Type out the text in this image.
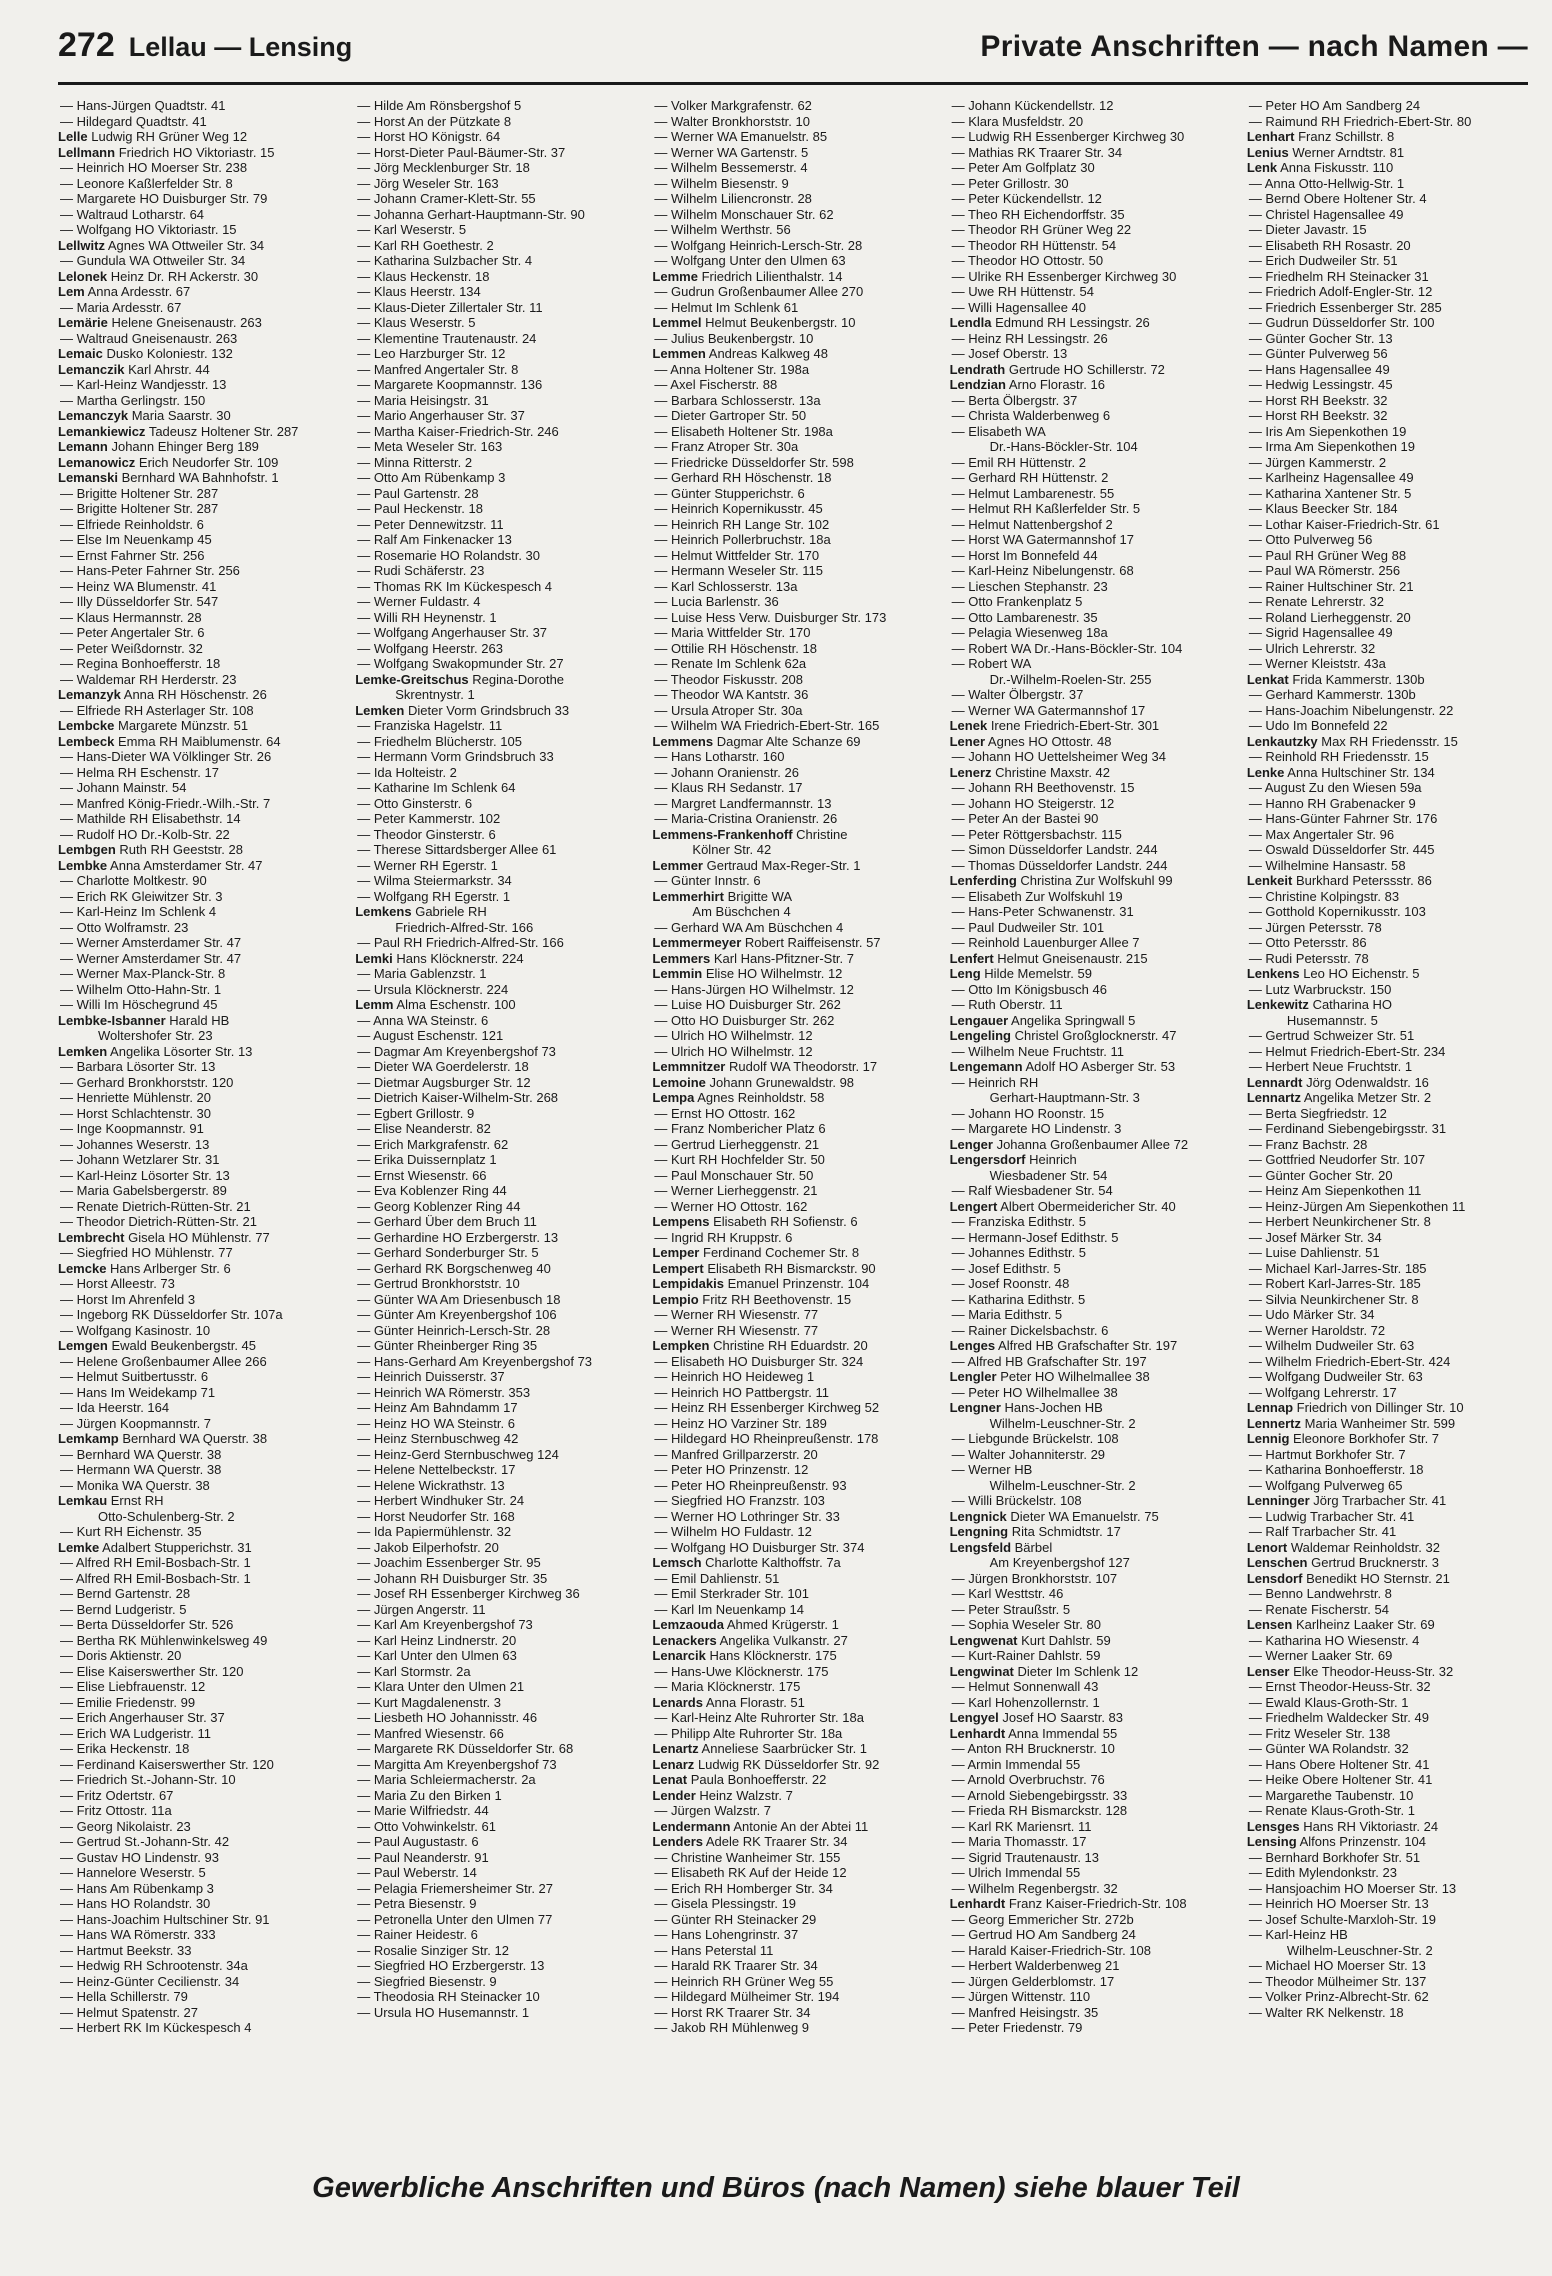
272 Lellau — Lensing	Private Anschriften — nach Namen —
— Hans-Jürgen Quadtstr. 41
— Hildegard Quadtstr. 41
Lelle Ludwig RH Grüner Weg 12
Lellmann Friedrich HO Viktoriastr. 15
— Heinrich HO Moerser Str. 238
— Leonore Kaßlerfelder Str. 8
— Margarete HO Duisburger Str. 79
— Waltraud Lotharstr. 64
— Wolfgang HO Viktoriastr. 15
Lellwitz Agnes WA Ottweiler Str. 34
— Gundula WA Ottweiler Str. 34
Lelonek Heinz Dr. RH Ackerstr. 30
Lem Anna Ardesstr. 67
— Maria Ardesstr. 67
Lemärie Helene Gneisenaustr. 263
— Waltraud Gneisenaustr. 263
Lemaic Dusko Koloniestr. 132
Lemanczik Karl Ahrstr. 44
— Karl-Heinz Wandjesstr. 13
— Martha Gerlingstr. 150
Lemanczyk Maria Saarstr. 30
Lemankiewicz Tadeusz Holtener Str. 287
Lemann Johann Ehinger Berg 189
Lemanowicz Erich Neudorfer Str. 109
Lemanski Bernhard WA Bahnhofstr. 1
— Brigitte Holtener Str. 287
— Brigitte Holtener Str. 287
— Elfriede Reinholdstr. 6
— Else Im Neuenkamp 45
— Ernst Fahrner Str. 256
— Hans-Peter Fahrner Str. 256
— Heinz WA Blumenstr. 41
— Illy Düsseldorfer Str. 547
— Klaus Hermannstr. 28
— Peter Angertaler Str. 6
— Peter Weißdornstr. 32
— Regina Bonhoefferstr. 18
— Waldemar RH Herderstr. 23
Lemanzyk Anna RH Höschenstr. 26
— Elfriede RH Asterlager Str. 108
Lembcke Margarete Münzstr. 51
Lembeck Emma RH Maiblumenstr. 64
— Hans-Dieter WA Völklinger Str. 26
— Helma RH Eschenstr. 17
— Johann Mainstr. 54
— Manfred König-Friedr.-Wilh.-Str. 7
— Mathilde RH Elisabethstr. 14
— Rudolf HO Dr.-Kolb-Str. 22
Lembgen Ruth RH Geeststr. 28
Lembke Anna Amsterdamer Str. 47
— Charlotte Moltkestr. 90
— Erich RK Gleiwitzer Str. 3
— Karl-Heinz Im Schlenk 4
— Otto Wolframstr. 23
— Werner Amsterdamer Str. 47
— Werner Amsterdamer Str. 47
— Werner Max-Planck-Str. 8
— Wilhelm Otto-Hahn-Str. 1
— Willi Im Höschegrund 45
Lembke-Isbanner Harald HB
Woltershofer Str. 23
Lemken Angelika Lösorter Str. 13
— Barbara Lösorter Str. 13
— Gerhard Bronkhorststr. 120
— Henriette Mühlenstr. 20
— Horst Schlachtenstr. 30
— Inge Koopmannstr. 91
— Johannes Weserstr. 13
— Johann Wetzlarer Str. 31
— Karl-Heinz Lösorter Str. 13
— Maria Gabelsbergerstr. 89
— Renate Dietrich-Rütten-Str. 21
— Theodor Dietrich-Rütten-Str. 21
Lembrecht Gisela HO Mühlenstr. 77
— Siegfried HO Mühlenstr. 77
Lemcke Hans Arlberger Str. 6
— Horst Alleestr. 73
— Horst Im Ahrenfeld 3
— Ingeborg RK Düsseldorfer Str. 107a
— Wolfgang Kasinostr. 10
Lemgen Ewald Beukenbergstr. 45
— Helene Großenbaumer Allee 266
— Helmut Suitbertusstr. 6
— Hans Im Weidekamp 71
— Ida Heerstr. 164
— Jürgen Koopmannstr. 7
Lemkamp Bernhard WA Querstr. 38
— Bernhard WA Querstr. 38
— Hermann WA Querstr. 38
— Monika WA Querstr. 38
Lemkau Ernst RH
Otto-Schulenberg-Str. 2
— Kurt RH Eichenstr. 35
Lemke Adalbert Stupperichstr. 31
— Alfred RH Emil-Bosbach-Str. 1
— Alfred RH Emil-Bosbach-Str. 1
— Bernd Gartenstr. 28
— Bernd Ludgeristr. 5
— Berta Düsseldorfer Str. 526
— Bertha RK Mühlenwinkelsweg 49
— Doris Aktienstr. 20
— Elise Kaiserswerther Str. 120
— Elise Liebfrauenstr. 12
— Emilie Friedenstr. 99
— Erich Angerhauser Str. 37
— Erich WA Ludgeristr. 11
— Erika Heckenstr. 18
— Ferdinand Kaiserswerther Str. 120
— Friedrich St.-Johann-Str. 10
— Fritz Odertstr. 67
— Fritz Ottostr. 11a
— Georg Nikolaistr. 23
— Gertrud St.-Johann-Str. 42
— Gustav HO Lindenstr. 93
— Hannelore Weserstr. 5
— Hans Am Rübenkamp 3
— Hans HO Rolandstr. 30
— Hans-Joachim Hultschiner Str. 91
— Hans WA Römerstr. 333
— Hartmut Beekstr. 33
— Hedwig RH Schrootenstr. 34a
— Heinz-Günter Cecilienstr. 34
— Hella Schillerstr. 79
— Helmut Spatenstr. 27
— Herbert RK Im Kückespesch 4
— Hilde Am Rönsbergshof 5
— Horst An der Pützkate 8
— Horst HO Königstr. 64
— Horst-Dieter Paul-Bäumer-Str. 37
— Jörg Mecklenburger Str. 18
— Jörg Weseler Str. 163
— Johann Cramer-Klett-Str. 55
— Johanna Gerhart-Hauptmann-Str. 90
— Karl Weserstr. 5
— Karl RH Goethestr. 2
— Katharina Sulzbacher Str. 4
— Klaus Heckenstr. 18
— Klaus Heerstr. 134
— Klaus-Dieter Zillertaler Str. 11
— Klaus Weserstr. 5
— Klementine Trautenaustr. 24
— Leo Harzburger Str. 12
— Manfred Angertaler Str. 8
— Margarete Koopmannstr. 136
— Maria Heisingstr. 31
— Mario Angerhauser Str. 37
— Martha Kaiser-Friedrich-Str. 246
— Meta Weseler Str. 163
— Minna Ritterstr. 2
— Otto Am Rübenkamp 3
— Paul Gartenstr. 28
— Paul Heckenstr. 18
— Peter Dennewitzstr. 11
— Ralf Am Finkenacker 13
— Rosemarie HO Rolandstr. 30
— Rudi Schäferstr. 23
— Thomas RK Im Kückespesch 4
— Werner Fuldastr. 4
— Willi RH Heynenstr. 1
— Wolfgang Angerhauser Str. 37
— Wolfgang Heerstr. 263
— Wolfgang Swakopmunder Str. 27
Lemke-Greitschus Regina-Dorothe
Skrentnystr. 1
Lemken Dieter Vorm Grindsbruch 33
— Franziska Hagelstr. 11
— Friedhelm Blücherstr. 105
— Hermann Vorm Grindsbruch 33
— Ida Holteistr. 2
— Katharine Im Schlenk 64
— Otto Ginsterstr. 6
— Peter Kammerstr. 102
— Theodor Ginsterstr. 6
— Therese Sittardsberger Allee 61
— Werner RH Egerstr. 1
— Wilma Steiermarkstr. 34
— Wolfgang RH Egerstr. 1
Lemkens Gabriele RH
Friedrich-Alfred-Str. 166
— Paul RH Friedrich-Alfred-Str. 166
Lemki Hans Klöcknerstr. 224
— Maria Gablenzstr. 1
— Ursula Klöcknerstr. 224
Lemm Alma Eschenstr. 100
— Anna WA Steinstr. 6
— August Eschenstr. 121
— Dagmar Am Kreyenbergshof 73
— Dieter WA Goerdelerstr. 18
— Dietmar Augsburger Str. 12
— Dietrich Kaiser-Wilhelm-Str. 268
— Egbert Grillostr. 9
— Elise Neanderstr. 82
— Erich Markgrafenstr. 62
— Erika Duissernplatz 1
— Ernst Wiesenstr. 66
— Eva Koblenzer Ring 44
— Georg Koblenzer Ring 44
— Gerhard Über dem Bruch 11
— Gerhardine HO Erzbergerstr. 13
— Gerhard Sonderburger Str. 5
— Gerhard RK Borgschenweg 40
— Gertrud Bronkhorststr. 10
— Günter WA Am Driesenbusch 18
— Günter Am Kreyenbergshof 106
— Günter Heinrich-Lersch-Str. 28
— Günter Rheinberger Ring 35
— Hans-Gerhard Am Kreyenbergshof 73
— Heinrich Duisserstr. 37
— Heinrich WA Römerstr. 353
— Heinz Am Bahndamm 17
— Heinz HO WA Steinstr. 6
— Heinz Sternbuschweg 42
— Heinz-Gerd Sternbuschweg 124
— Helene Nettelbeckstr. 17
— Helene Wickrathstr. 13
— Herbert Windhuker Str. 24
— Horst Neudorfer Str. 168
— Ida Papiermühlenstr. 32
— Jakob Eilperhofstr. 20
— Joachim Essenberger Str. 95
— Johann RH Duisburger Str. 35
— Josef RH Essenberger Kirchweg 36
— Jürgen Angerstr. 11
— Karl Am Kreyenbergshof 73
— Karl Heinz Lindnerstr. 20
— Karl Unter den Ulmen 63
— Karl Stormstr. 2a
— Klara Unter den Ulmen 21
— Kurt Magdalenenstr. 3
— Liesbeth HO Johannisstr. 46
— Manfred Wiesenstr. 66
— Margarete RK Düsseldorfer Str. 68
— Margitta Am Kreyenbergshof 73
— Maria Schleiermacherstr. 2a
— Maria Zu den Birken 1
— Marie Wilfriedstr. 44
— Otto Vohwinkelstr. 61
— Paul Augustastr. 6
— Paul Neanderstr. 91
— Paul Weberstr. 14
— Pelagia Friemersheimer Str. 27
— Petra Biesenstr. 9
— Petronella Unter den Ulmen 77
— Rainer Heidestr. 6
— Rosalie Sinziger Str. 12
— Siegfried HO Erzbergerstr. 13
— Siegfried Biesenstr. 9
— Theodosia RH Steinacker 10
— Ursula HO Husemannstr. 1
— Volker Markgrafenstr. 62
— Walter Bronkhorststr. 10
— Werner WA Emanuelstr. 85
— Werner WA Gartenstr. 5
— Wilhelm Bessemerstr. 4
— Wilhelm Biesenstr. 9
— Wilhelm Liliencronstr. 28
— Wilhelm Monschauer Str. 62
— Wilhelm Werthstr. 56
— Wolfgang Heinrich-Lersch-Str. 28
— Wolfgang Unter den Ulmen 63
Lemme Friedrich Lilienthalstr. 14
— Gudrun Großenbaumer Allee 270
— Helmut Im Schlenk 61
Lemmel Helmut Beukenbergstr. 10
— Julius Beukenbergstr. 10
Lemmen Andreas Kalkweg 48
— Anna Holtener Str. 198a
— Axel Fischerstr. 88
— Barbara Schlosserstr. 13a
— Dieter Gartroper Str. 50
— Elisabeth Holtener Str. 198a
— Franz Atroper Str. 30a
— Friedricke Düsseldorfer Str. 598
— Gerhard RH Höschenstr. 18
— Günter Stupperichstr. 6
— Heinrich Kopernikusstr. 45
— Heinrich RH Lange Str. 102
— Heinrich Pollerbruchstr. 18a
— Helmut Wittfelder Str. 170
— Hermann Weseler Str. 115
— Karl Schlosserstr. 13a
— Lucia Barlenstr. 36
— Luise Hess Verw. Duisburger Str. 173
— Maria Wittfelder Str. 170
— Ottilie RH Höschenstr. 18
— Renate Im Schlenk 62a
— Theodor Fiskusstr. 208
— Theodor WA Kantstr. 36
— Ursula Atroper Str. 30a
— Wilhelm WA Friedrich-Ebert-Str. 165
Lemmens Dagmar Alte Schanze 69
— Hans Lotharstr. 160
— Johann Oranienstr. 26
— Klaus RH Sedanstr. 17
— Margret Landfermannstr. 13
— Maria-Cristina Oranienstr. 26
Lemmens-Frankenhoff Christine
Kölner Str. 42
Lemmer Gertraud Max-Reger-Str. 1
— Günter Innstr. 6
Lemmerhirt Brigitte WA
Am Büschchen 4
— Gerhard WA Am Büschchen 4
Lemmermeyer Robert Raiffeisenstr. 57
Lemmers Karl Hans-Pfitzner-Str. 7
Lemmin Elise HO Wilhelmstr. 12
— Hans-Jürgen HO Wilhelmstr. 12
— Luise HO Duisburger Str. 262
— Otto HO Duisburger Str. 262
— Ulrich HO Wilhelmstr. 12
— Ulrich HO Wilhelmstr. 12
Lemmnitzer Rudolf WA Theodorstr. 17
Lemoine Johann Grunewaldstr. 98
Lempa Agnes Reinholdstr. 58
— Ernst HO Ottostr. 162
— Franz Nombericher Platz 6
— Gertrud Lierheggenstr. 21
— Kurt RH Hochfelder Str. 50
— Paul Monschauer Str. 50
— Werner Lierheggenstr. 21
— Werner HO Ottostr. 162
Lempens Elisabeth RH Sofienstr. 6
— Ingrid RH Kruppstr. 6
Lemper Ferdinand Cochemer Str. 8
Lempert Elisabeth RH Bismarckstr. 90
Lempidakis Emanuel Prinzenstr. 104
Lempio Fritz RH Beethovenstr. 15
— Werner RH Wiesenstr. 77
— Werner RH Wiesenstr. 77
Lempken Christine RH Eduardstr. 20
— Elisabeth HO Duisburger Str. 324
— Heinrich HO Heideweg 1
— Heinrich HO Pattbergstr. 11
— Heinz RH Essenberger Kirchweg 52
— Heinz HO Varziner Str. 189
— Hildegard HO Rheinpreußenstr. 178
— Manfred Grillparzerstr. 20
— Peter HO Prinzenstr. 12
— Peter HO Rheinpreußenstr. 93
— Siegfried HO Franzstr. 103
— Werner HO Lothringer Str. 33
— Wilhelm HO Fuldastr. 12
— Wolfgang HO Duisburger Str. 374
Lemsch Charlotte Kalthoffstr. 7a
— Emil Dahlienstr. 51
— Emil Sterkrader Str. 101
— Karl Im Neuenkamp 14
Lemzaouda Ahmed Krügerstr. 1
Lenackers Angelika Vulkanstr. 27
Lenarcik Hans Klöcknerstr. 175
— Hans-Uwe Klöcknerstr. 175
— Maria Klöcknerstr. 175
Lenards Anna Florastr. 51
— Karl-Heinz Alte Ruhrorter Str. 18a
— Philipp Alte Ruhrorter Str. 18a
Lenartz Anneliese Saarbrücker Str. 1
Lenarz Ludwig RK Düsseldorfer Str. 92
Lenat Paula Bonhoefferstr. 22
Lender Heinz Walzstr. 7
— Jürgen Walzstr. 7
Lendermann Antonie An der Abtei 11
Lenders Adele RK Traarer Str. 34
— Christine Wanheimer Str. 155
— Elisabeth RK Auf der Heide 12
— Erich RH Homberger Str. 34
— Gisela Plessingstr. 19
— Günter RH Steinacker 29
— Hans Lohengrinstr. 37
— Hans Peterstal 11
— Harald RK Traarer Str. 34
— Heinrich RH Grüner Weg 55
— Hildegard Mülheimer Str. 194
— Horst RK Traarer Str. 34
— Jakob RH Mühlenweg 9
— Johann Kückendellstr. 12
— Klara Musfeldstr. 20
— Ludwig RH Essenberger Kirchweg 30
— Mathias RK Traarer Str. 34
— Peter Am Golfplatz 30
— Peter Grillostr. 30
— Peter Kückendellstr. 12
— Theo RH Eichendorffstr. 35
— Theodor RH Grüner Weg 22
— Theodor RH Hüttenstr. 54
— Theodor HO Ottostr. 50
— Ulrike RH Essenberger Kirchweg 30
— Uwe RH Hüttenstr. 54
— Willi Hagensallee 40
Lendla Edmund RH Lessingstr. 26
— Heinz RH Lessingstr. 26
— Josef Oberstr. 13
Lendrath Gertrude HO Schillerstr. 72
Lendzian Arno Florastr. 16
— Berta Ölbergstr. 37
— Christa Walderbenweg 6
— Elisabeth WA
Dr.-Hans-Böckler-Str. 104
— Emil RH Hüttenstr. 2
— Gerhard RH Hüttenstr. 2
— Helmut Lambarenestr. 55
— Helmut RH Kaßlerfelder Str. 5
— Helmut Nattenbergshof 2
— Horst WA Gatermannshof 17
— Horst Im Bonnefeld 44
— Karl-Heinz Nibelungenstr. 68
— Lieschen Stephanstr. 23
— Otto Frankenplatz 5
— Otto Lambarenestr. 35
— Pelagia Wiesenweg 18a
— Robert WA Dr.-Hans-Böckler-Str. 104
— Robert WA
Dr.-Wilhelm-Roelen-Str. 255
— Walter Ölbergstr. 37
— Werner WA Gatermannshof 17
Lenek Irene Friedrich-Ebert-Str. 301
Lener Agnes HO Ottostr. 48
— Johann HO Uettelsheimer Weg 34
Lenerz Christine Maxstr. 42
— Johann RH Beethovenstr. 15
— Johann HO Steigerstr. 12
— Peter An der Bastei 90
— Peter Röttgersbachstr. 115
— Simon Düsseldorfer Landstr. 244
— Thomas Düsseldorfer Landstr. 244
Lenferding Christina Zur Wolfskuhl 99
— Elisabeth Zur Wolfskuhl 19
— Hans-Peter Schwanenstr. 31
— Paul Dudweiler Str. 101
— Reinhold Lauenburger Allee 7
Lenfert Helmut Gneisenaustr. 215
Leng Hilde Memelstr. 59
— Otto Im Königsbusch 46
— Ruth Oberstr. 11
Lengauer Angelika Springwall 5
Lengeling Christel Großglocknerstr. 47
— Wilhelm Neue Fruchtstr. 11
Lengemann Adolf HO Asberger Str. 53
— Heinrich RH
Gerhart-Hauptmann-Str. 3
— Johann HO Roonstr. 15
— Margarete HO Lindenstr. 3
Lenger Johanna Großenbaumer Allee 72
Lengersdorf Heinrich
Wiesbadener Str. 54
— Ralf Wiesbadener Str. 54
Lengert Albert Obermeidericher Str. 40
— Franziska Edithstr. 5
— Hermann-Josef Edithstr. 5
— Johannes Edithstr. 5
— Josef Edithstr. 5
— Josef Roonstr. 48
— Katharina Edithstr. 5
— Maria Edithstr. 5
— Rainer Dickelsbachstr. 6
Lenges Alfred HB Grafschafter Str. 197
— Alfred HB Grafschafter Str. 197
Lengler Peter HO Wilhelmallee 38
— Peter HO Wilhelmallee 38
Lengner Hans-Jochen HB
Wilhelm-Leuschner-Str. 2
— Liebgunde Brückelstr. 108
— Walter Johanniterstr. 29
— Werner HB
Wilhelm-Leuschner-Str. 2
— Willi Brückelstr. 108
Lengnick Dieter WA Emanuelstr. 75
Lengning Rita Schmidtstr. 17
Lengsfeld Bärbel
Am Kreyenbergshof 127
— Jürgen Bronkhorststr. 107
— Karl Westtstr. 46
— Peter Straußstr. 5
— Sophia Weseler Str. 80
Lengwenat Kurt Dahlstr. 59
— Kurt-Rainer Dahlstr. 59
Lengwinat Dieter Im Schlenk 12
— Helmut Sonnenwall 43
— Karl Hohenzollernstr. 1
Lengyel Josef HO Saarstr. 83
Lenhardt Anna Immendal 55
— Anton RH Brucknerstr. 10
— Armin Immendal 55
— Arnold Overbruchstr. 76
— Arnold Siebengebirgsstr. 33
— Frieda RH Bismarckstr. 128
— Karl RK Mariensrt. 11
— Maria Thomasstr. 17
— Sigrid Trautenaustr. 13
— Ulrich Immendal 55
— Wilhelm Regenbergstr. 32
Lenhardt Franz Kaiser-Friedrich-Str. 108
— Georg Emmericher Str. 272b
— Gertrud HO Am Sandberg 24
— Harald Kaiser-Friedrich-Str. 108
— Herbert Walderbenweg 21
— Jürgen Gelderblomstr. 17
— Jürgen Wittenstr. 110
— Manfred Heisingstr. 35
— Peter Friedenstr. 79
— Peter HO Am Sandberg 24
— Raimund RH Friedrich-Ebert-Str. 80
Lenhart Franz Schillstr. 8
Lenius Werner Arndtstr. 81
Lenk Anna Fiskusstr. 110
— Anna Otto-Hellwig-Str. 1
— Bernd Obere Holtener Str. 4
— Christel Hagensallee 49
— Dieter Javastr. 15
— Elisabeth RH Rosastr. 20
— Erich Dudweiler Str. 51
— Friedhelm RH Steinacker 31
— Friedrich Adolf-Engler-Str. 12
— Friedrich Essenberger Str. 285
— Gudrun Düsseldorfer Str. 100
— Günter Gocher Str. 13
— Günter Pulverweg 56
— Hans Hagensallee 49
— Hedwig Lessingstr. 45
— Horst RH Beekstr. 32
— Horst RH Beekstr. 32
— Iris Am Siepenkothen 19
— Irma Am Siepenkothen 19
— Jürgen Kammerstr. 2
— Karlheinz Hagensallee 49
— Katharina Xantener Str. 5
— Klaus Beecker Str. 184
— Lothar Kaiser-Friedrich-Str. 61
— Otto Pulverweg 56
— Paul RH Grüner Weg 88
— Paul WA Römerstr. 256
— Rainer Hultschiner Str. 21
— Renate Lehrerstr. 32
— Roland Lierheggenstr. 20
— Sigrid Hagensallee 49
— Ulrich Lehrerstr. 32
— Werner Kleiststr. 43a
Lenkat Frida Kammerstr. 130b
— Gerhard Kammerstr. 130b
— Hans-Joachim Nibelungenstr. 22
— Udo Im Bonnefeld 22
Lenkautzky Max RH Friedensstr. 15
— Reinhold RH Friedensstr. 15
Lenke Anna Hultschiner Str. 134
— August Zu den Wiesen 59a
— Hanno RH Grabenacker 9
— Hans-Günter Fahrner Str. 176
— Max Angertaler Str. 96
— Oswald Düsseldorfer Str. 445
— Wilhelmine Hansastr. 58
Lenkeit Burkhard Peterssstr. 86
— Christine Kolpingstr. 83
— Gotthold Kopernikusstr. 103
— Jürgen Petersstr. 78
— Otto Petersstr. 86
— Rudi Petersstr. 78
Lenkens Leo HO Eichenstr. 5
— Lutz Warbruckstr. 150
Lenkewitz Catharina HO
Husemannstr. 5
— Gertrud Schweizer Str. 51
— Helmut Friedrich-Ebert-Str. 234
— Herbert Neue Fruchtstr. 1
Lennardt Jörg Odenwaldstr. 16
Lennartz Angelika Metzer Str. 2
— Berta Siegfriedstr. 12
— Ferdinand Siebengebirgsstr. 31
— Franz Bachstr. 28
— Gottfried Neudorfer Str. 107
— Günter Gocher Str. 20
— Heinz Am Siepenkothen 11
— Heinz-Jürgen Am Siepenkothen 11
— Herbert Neunkirchener Str. 8
— Josef Märker Str. 34
— Luise Dahlienstr. 51
— Michael Karl-Jarres-Str. 185
— Robert Karl-Jarres-Str. 185
— Silvia Neunkirchener Str. 8
— Udo Märker Str. 34
— Werner Haroldstr. 72
— Wilhelm Dudweiler Str. 63
— Wilhelm Friedrich-Ebert-Str. 424
— Wolfgang Dudweiler Str. 63
— Wolfgang Lehrerstr. 17
Lennap Friedrich von Dillinger Str. 10
Lennertz Maria Wanheimer Str. 599
Lennig Eleonore Borkhofer Str. 7
— Hartmut Borkhofer Str. 7
— Katharina Bonhoefferstr. 18
— Wolfgang Pulverweg 65
Lenninger Jörg Trarbacher Str. 41
— Ludwig Trarbacher Str. 41
— Ralf Trarbacher Str. 41
Lenort Waldemar Reinholdstr. 32
Lenschen Gertrud Brucknerstr. 3
Lensdorf Benedikt HO Sternstr. 21
— Benno Landwehrstr. 8
— Renate Fischerstr. 54
Lensen Karlheinz Laaker Str. 69
— Katharina HO Wiesenstr. 4
— Werner Laaker Str. 69
Lenser Elke Theodor-Heuss-Str. 32
— Ernst Theodor-Heuss-Str. 32
— Ewald Klaus-Groth-Str. 1
— Friedhelm Waldecker Str. 49
— Fritz Weseler Str. 138
— Günter WA Rolandstr. 32
— Hans Obere Holtener Str. 41
— Heike Obere Holtener Str. 41
— Margarethe Taubenstr. 10
— Renate Klaus-Groth-Str. 1
Lensges Hans RH Viktoriastr. 24
Lensing Alfons Prinzenstr. 104
— Bernhard Borkhofer Str. 51
— Edith Mylendonkstr. 23
— Hansjoachim HO Moerser Str. 13
— Heinrich HO Moerser Str. 13
— Josef Schulte-Marxloh-Str. 19
— Karl-Heinz HB
Wilhelm-Leuschner-Str. 2
— Michael HO Moerser Str. 13
— Theodor Mülheimer Str. 137
— Volker Prinz-Albrecht-Str. 62
— Walter RK Nelkenstr. 18
Gewerbliche Anschriften und Büros (nach Namen) siehe blauer Teil
